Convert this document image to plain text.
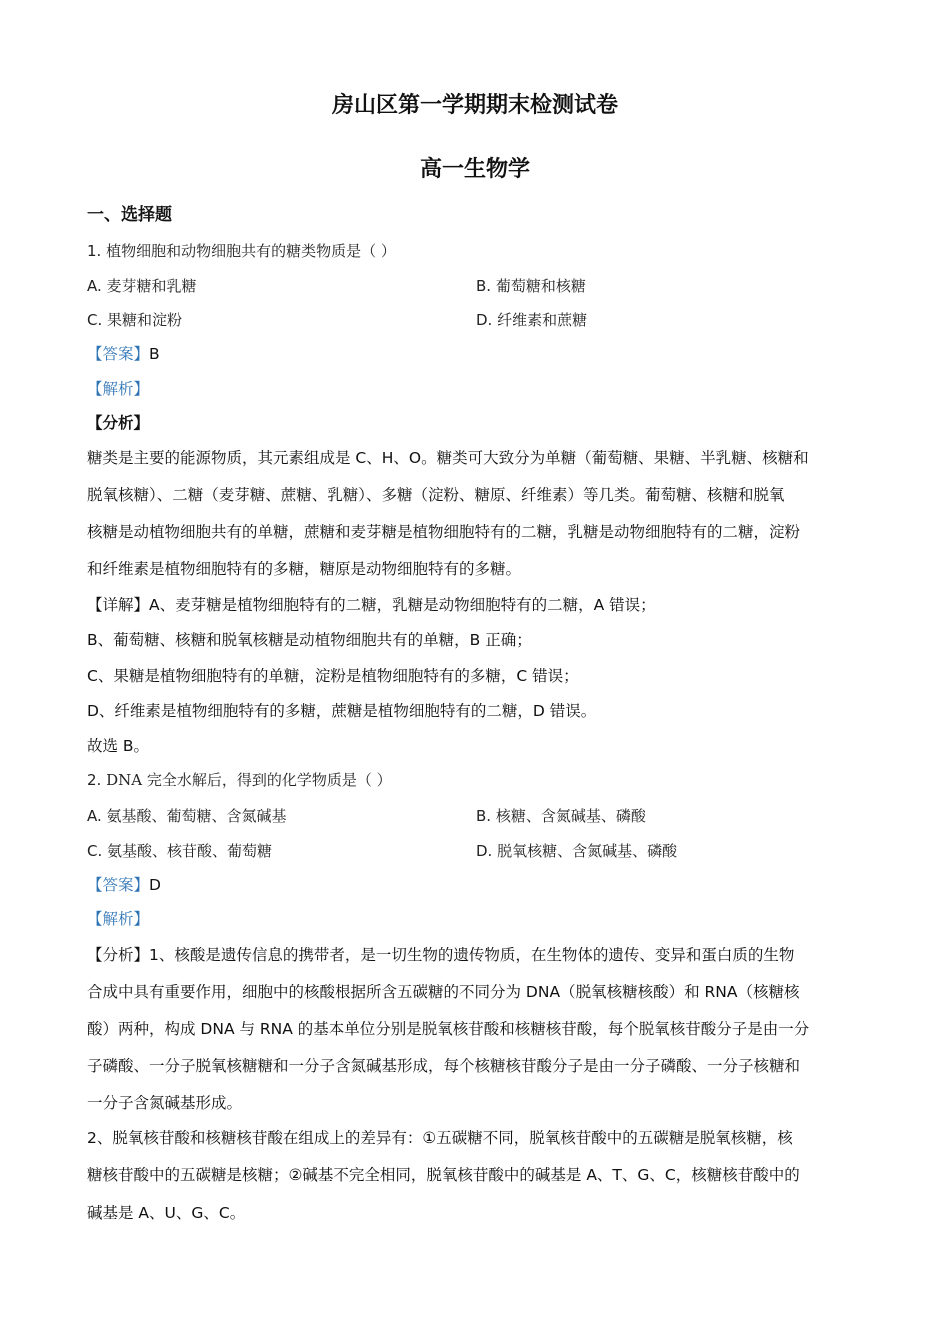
房山区第一学期期末检测试卷
高一生物学
一、选择题
1. 植物细胞和动物细胞共有的糖类物质是（ ）
A. 麦芽糖和乳糖	B. 葡萄糖和核糖
C. 果糖和淀粉	D. 纤维素和蔗糖
【答案】B
【解析】
【分析】
糖类是主要的能源物质，其元素组成是 C、H、O。糖类可大致分为单糖（葡萄糖、果糖、半乳糖、核糖和
脱氧核糖）、二糖（麦芽糖、蔗糖、乳糖）、多糖（淀粉、糖原、纤维素）等几类。葡萄糖、核糖和脱氧
核糖是动植物细胞共有的单糖，蔗糖和麦芽糖是植物细胞特有的二糖，乳糖是动物细胞特有的二糖，淀粉
和纤维素是植物细胞特有的多糖，糖原是动物细胞特有的多糖。
【详解】A、麦芽糖是植物细胞特有的二糖，乳糖是动物细胞特有的二糖，A 错误；
B、葡萄糖、核糖和脱氧核糖是动植物细胞共有的单糖，B 正确；
C、果糖是植物细胞特有的单糖，淀粉是植物细胞特有的多糖，C 错误；
D、纤维素是植物细胞特有的多糖，蔗糖是植物细胞特有的二糖，D 错误。
故选 B。
2. DNA 完全水解后，得到的化学物质是（ ）
A. 氨基酸、葡萄糖、含氮碱基	B. 核糖、含氮碱基、磷酸
C. 氨基酸、核苷酸、葡萄糖	D. 脱氧核糖、含氮碱基、磷酸
【答案】D
【解析】
【分析】1、核酸是遗传信息的携带者，是一切生物的遗传物质，在生物体的遗传、变异和蛋白质的生物
合成中具有重要作用，细胞中的核酸根据所含五碳糖的不同分为 DNA（脱氧核糖核酸）和 RNA（核糖核
酸）两种，构成 DNA 与 RNA 的基本单位分别是脱氧核苷酸和核糖核苷酸，每个脱氧核苷酸分子是由一分
子磷酸、一分子脱氧核糖糖和一分子含氮碱基形成，每个核糖核苷酸分子是由一分子磷酸、一分子核糖和
一分子含氮碱基形成。
2、脱氧核苷酸和核糖核苷酸在组成上的差异有：①五碳糖不同，脱氧核苷酸中的五碳糖是脱氧核糖，核
糖核苷酸中的五碳糖是核糖；②碱基不完全相同，脱氧核苷酸中的碱基是 A、T、G、C，核糖核苷酸中的
碱基是 A、U、G、C。
